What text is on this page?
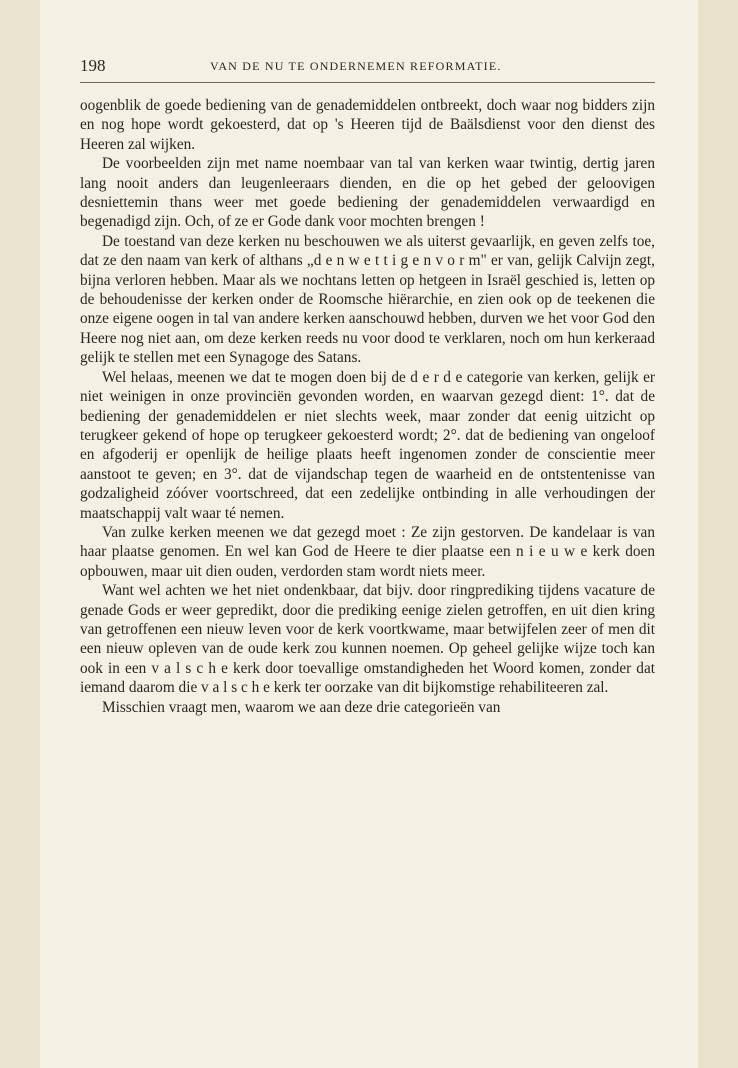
198	VAN DE NU TE ONDERNEMEN REFORMATIE.

oogenblik de goede bediening van de genademiddelen ontbreekt, doch waar nog bidders zijn en nog hope wordt gekoesterd, dat op 's Heeren tijd de Baälsdienst voor den dienst des Heeren zal wijken.

De voorbeelden zijn met name noembaar van tal van kerken waar twintig, dertig jaren lang nooit anders dan leugenleeraars dienden, en die op het gebed der geloovigen desniettemin thans weer met goede bediening der genademiddelen verwaardigd en begenadigd zijn. Och, of ze er Gode dank voor mochten brengen !

De toestand van deze kerken nu beschouwen we als uiterst gevaarlijk, en geven zelfs toe, dat ze den naam van kerk of althans „d e n w e t t i g e n v o r m" er van, gelijk Calvijn zegt, bijna verloren hebben. Maar als we nochtans letten op hetgeen in Israël geschied is, letten op de behoudenisse der kerken onder de Roomsche hiërarchie, en zien ook op de teekenen die onze eigene oogen in tal van andere kerken aanschouwd hebben, durven we het voor God den Heere nog niet aan, om deze kerken reeds nu voor dood te verklaren, noch om hun kerkeraad gelijk te stellen met een Synagoge des Satans.

Wel helaas, meenen we dat te mogen doen bij de d e r d e categorie van kerken, gelijk er niet weinigen in onze provinciën gevonden worden, en waarvan gezegd dient: 1°. dat de bediening der genademiddelen er niet slechts week, maar zonder dat eenig uitzicht op terugkeer gekend of hope op terugkeer gekoesterd wordt; 2°. dat de bediening van ongeloof en afgoderij er openlijk de heilige plaats heeft ingenomen zonder de conscientie meer aanstoot te geven; en 3°. dat de vijandschap tegen de waarheid en de ontstentenisse van godzaligheid zóóver voortschreed, dat een zedelijke ontbinding in alle verhoudingen der maatschappij valt waar té nemen.

Van zulke kerken meenen we dat gezegd moet : Ze zijn gestorven. De kandelaar is van haar plaatse genomen. En wel kan God de Heere te dier plaatse een n i e u w e kerk doen opbouwen, maar uit dien ouden, verdorden stam wordt niets meer.

Want wel achten we het niet ondenkbaar, dat bijv. door ringprediking tijdens vacature de genade Gods er weer gepredikt, door die prediking eenige zielen getroffen, en uit dien kring van getroffenen een nieuw leven voor de kerk voortkwame, maar betwijfelen zeer of men dit een nieuw opleven van de oude kerk zou kunnen noemen. Op geheel gelijke wijze toch kan ook in een v a l s c h e kerk door toevallige omstandigheden het Woord komen, zonder dat iemand daarom die v a l s c h e kerk ter oorzake van dit bijkomstige rehabiliteeren zal.

Misschien vraagt men, waarom we aan deze drie categorieën van
